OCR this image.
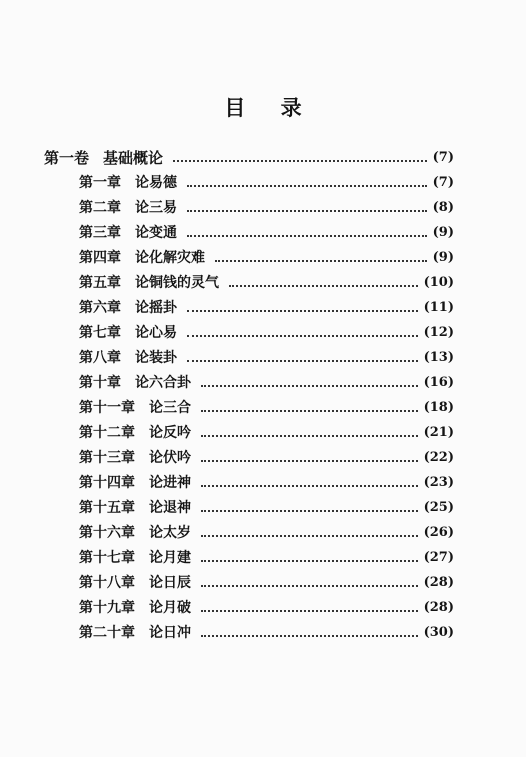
目 录
第一卷 基础概论	(7)
第一章 论易德	(7)
第二章 论三易	(8)
第三章 论变通	(9)
第四章 论化解灾难	(9)
第五章 论铜钱的灵气	(10)
第六章 论摇卦	(11)
第七章 论心易	(12)
第八章 论装卦	(13)
第十章 论六合卦	(16)
第十一章 论三合	(18)
第十二章 论反吟	(21)
第十三章 论伏吟	(22)
第十四章 论进神	(23)
第十五章 论退神	(25)
第十六章 论太岁	(26)
第十七章 论月建	(27)
第十八章 论日辰	(28)
第十九章 论月破	(28)
第二十章 论日冲	(30)
